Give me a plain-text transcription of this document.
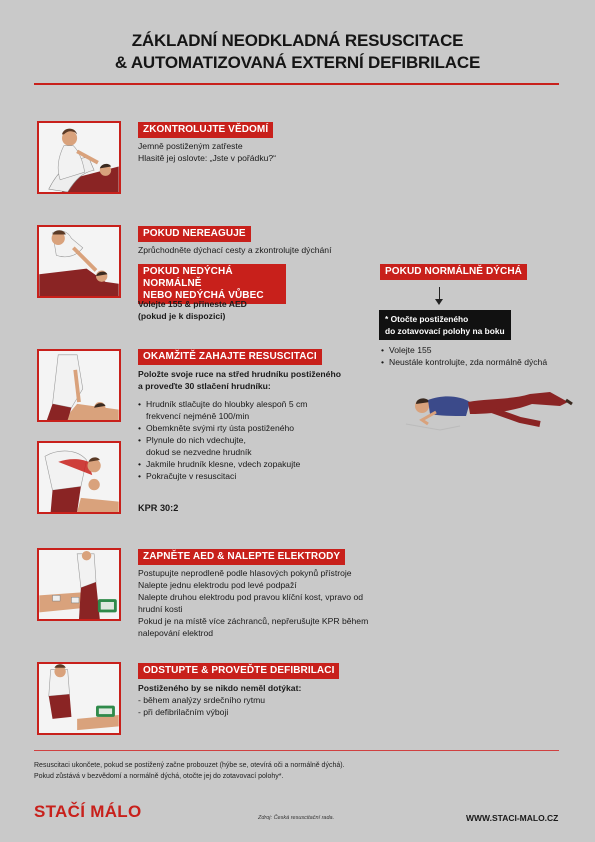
ZÁKLADNÍ NEODKLADNÁ RESUSCITACE
& AUTOMATIZOVANÁ EXTERNÍ DEFIBRILACE
ZKONTROLUJTE VĚDOMÍ
Jemně postiženým zatřeste
Hlasitě jej oslovte: „Jste v pořádku?“
POKUD NEREAGUJE
Zprůchodněte dýchací cesty a zkontrolujte dýchání
POKUD NEDÝCHÁ NORMÁLNĚ
NEBO NEDÝCHÁ VŮBEC
Volejte 155 & přineste AED
(pokud je k dispozici)
POKUD NORMÁLNĚ DÝCHÁ
* Otočte postiženého
do zotavovací polohy na boku
• Volejte 155
• Neustále kontrolujte, zda normálně dýchá
OKAMŽITĚ ZAHAJTE RESUSCITACI
Položte svoje ruce na střed hrudníku postiženého
a proveďte 30 stlačení hrudníku:
• Hrudník stlačujte do hloubky alespoň 5 cm
frekvencí nejméně 100/min
• Obemkněte svými rty ústa postiženého
• Plynule do nich vdechujte,
dokud se nezvedne hrudník
• Jakmile hrudník klesne, vdech zopakujte
• Pokračujte v resuscitaci
KPR 30:2
ZAPNĚTE AED & NALEPTE ELEKTRODY
Postupujte neprodleně podle hlasových pokynů přístroje
Nalepte jednu elektrodu pod levé podpaží
Nalepte druhou elektrodu pod pravou klíční kost, vpravo od
hrudní kosti
Pokud je na místě více záchranců, nepřerušujte KPR během
nalepování elektrod
ODSTUPTE & PROVEĎTE DEFIBRILACI
Postiženého by se nikdo neměl dotýkat:
- během analýzy srdečního rytmu
- při defibrilačním výboji
Resuscitaci ukončete, pokud se postižený začne probouzet (hýbe se, otevírá oči a normálně dýchá).
Pokud zůstává v bezvědomí a normálně dýchá, otočte jej do zotavovací polohy*.
STAČÍ MÁLO	Zdroj: Česká resuscitační rada.	WWW.STACI-MALO.CZ
